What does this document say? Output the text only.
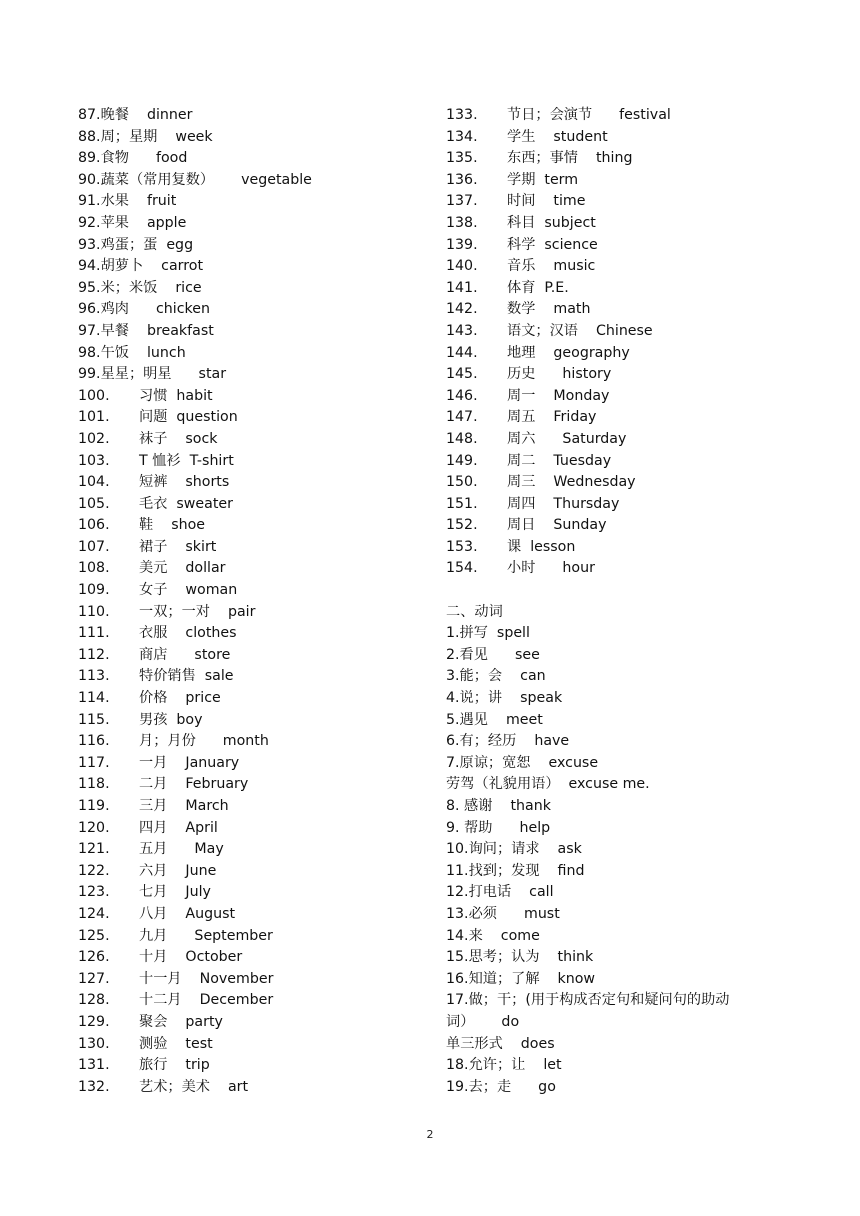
87.晚餐    dinner
88.周；星期    week
89.食物      food
90.蔬菜（常用复数）      vegetable
91.水果    fruit
92.苹果    apple
93.鸡蛋；蛋  egg
94.胡萝卜    carrot
95.米；米饭    rice
96.鸡肉      chicken
97.早餐    breakfast
98.午饭    lunch
99.星星；明星      star
100. 习惯  habit
101. 问题  question
102. 袜子    sock
103. T 恤衫  T-shirt
104. 短裤    shorts
105. 毛衣  sweater
106. 鞋    shoe
107. 裙子    skirt
108. 美元    dollar
109. 女子    woman
110. 一双；一对    pair
111. 衣服    clothes
112. 商店      store
113. 特价销售  sale
114. 价格    price
115. 男孩  boy
116. 月；月份      month
117. 一月    January
118. 二月    February
119. 三月    March
120. 四月    April
121. 五月      May
122. 六月    June
123. 七月    July
124. 八月    August
125. 九月      September
126. 十月    October
127. 十一月    November
128. 十二月    December
129. 聚会    party
130. 测验    test
131. 旅行    trip
132. 艺术；美术    art
133. 节日；会演节      festival
134. 学生    student
135. 东西；事情    thing
136. 学期  term
137. 时间    time
138. 科目  subject
139. 科学  science
140. 音乐    music
141. 体育  P.E.
142. 数学    math
143. 语文；汉语    Chinese
144. 地理    geography
145. 历史      history
146. 周一    Monday
147. 周五    Friday
148. 周六      Saturday
149. 周二    Tuesday
150. 周三    Wednesday
151. 周四    Thursday
152. 周日    Sunday
153. 课  lesson
154. 小时      hour
二、动词
1.拼写  spell
2.看见      see
3.能；会    can
4.说；讲    speak
5.遇见    meet
6.有；经历    have
7.原谅；宽恕    excuse
劳驾（礼貌用语）  excuse me.
8. 感谢    thank
9. 帮助      help
10.询问；请求    ask
11.找到；发现    find
12.打电话    call
13.必须      must
14.来    come
15.思考；认为    think
16.知道；了解    know
17.做；干；(用于构成否定句和疑问句的助动
词）      do
单三形式    does
18.允许；让    let
19.去；走      go
2
